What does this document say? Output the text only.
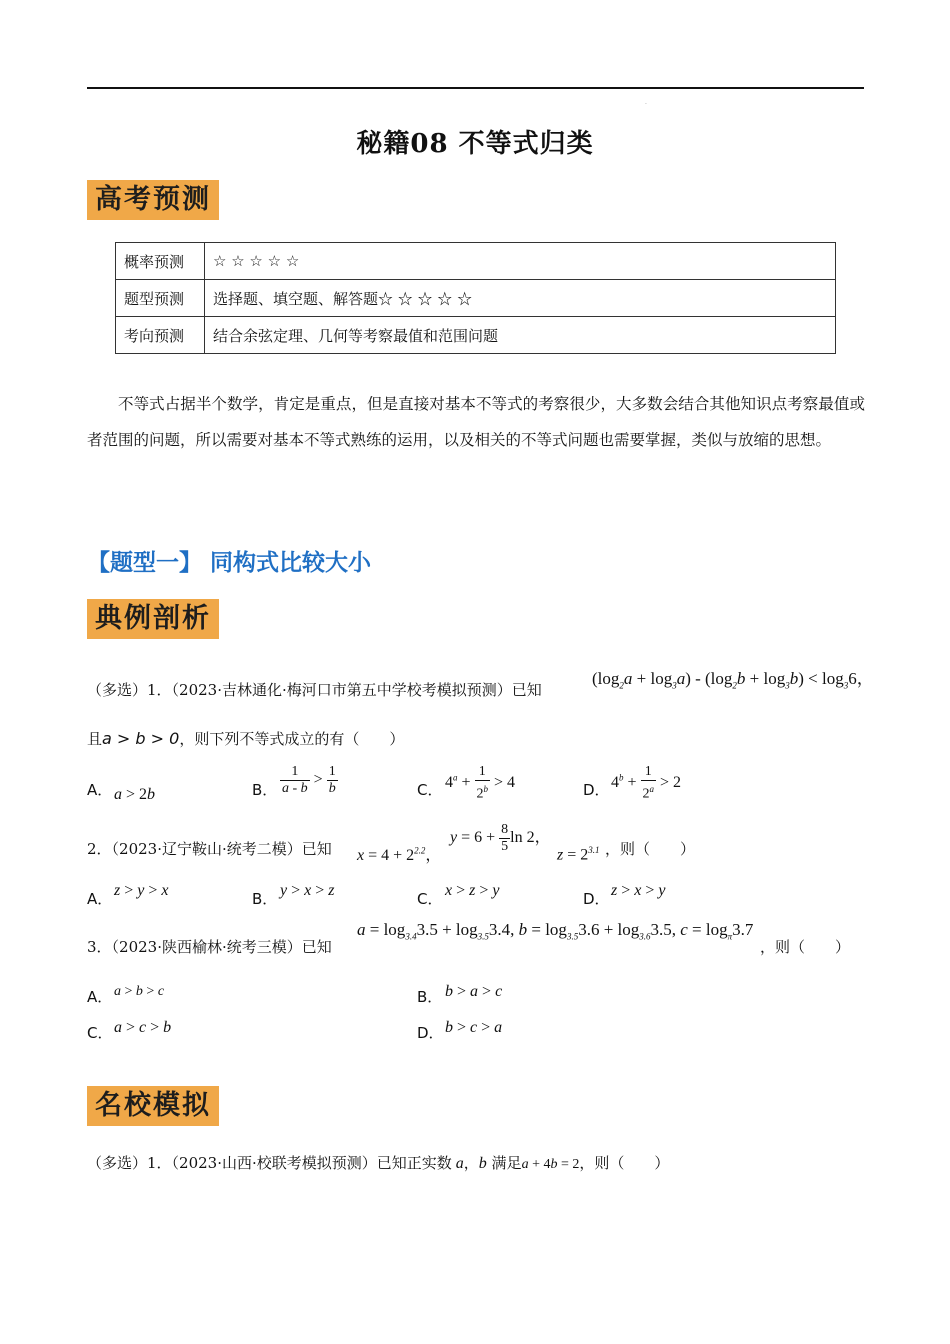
.
秘籍08 不等式归类
高考预测
概率预测	☆ ☆ ☆ ☆ ☆
题型预测	选择题、填空题、解答题☆ ☆ ☆ ☆ ☆
考向预测	结合余弦定理、几何等考察最值和范围问题
不等式占据半个数学，肯定是重点，但是直接对基本不等式的考察很少，大多数会结合其他知识点考察最值或者范围的问题，所以需要对基本不等式熟练的运用，以及相关的不等式问题也需要掌握，类似与放缩的思想。
【题型一】 同构式比较大小
典例剖析
（多选）1．（2023·吉林通化·梅河口市第五中学校考模拟预测）已知
$(\log_2a + \log_3a) - (\log_2b + \log_3b) < \log_36$，
且a > b > 0，则下列不等式成立的有（　　）
A． a > 2b	B． $\frac{1}{a - b} > \frac{1}{b}$	C． $4^a + \frac{1}{2^b} > 4$	D． $4^b + \frac{1}{2^a} > 2$
2．（2023·辽宁鞍山·统考二模）已知 $x = 4 + 2^{2.2}$，
$y = 6 + \frac{8}{5}$ ln 2，
$z = 2^{3.1}$ ，则（　　）
A． z > y > x	B． y > x > z	C． x > z > y	D． z > x > y
3．（2023·陕西榆林·统考三模）已知
$a = \log_{3.4}3.5 + \log_{3.5}3.4$, $b = \log_{3.5}3.6 + \log_{3.6}3.5$, $c = \log_\pi 3.7$
，则（　　）
A． a > b > c	B． b > a > c
C． a > c > b	D． b > c > a
名校模拟
（多选）1．（2023·山西·校联考模拟预测）已知正实数 a，b 满足a + 4b = 2，则（　　）
